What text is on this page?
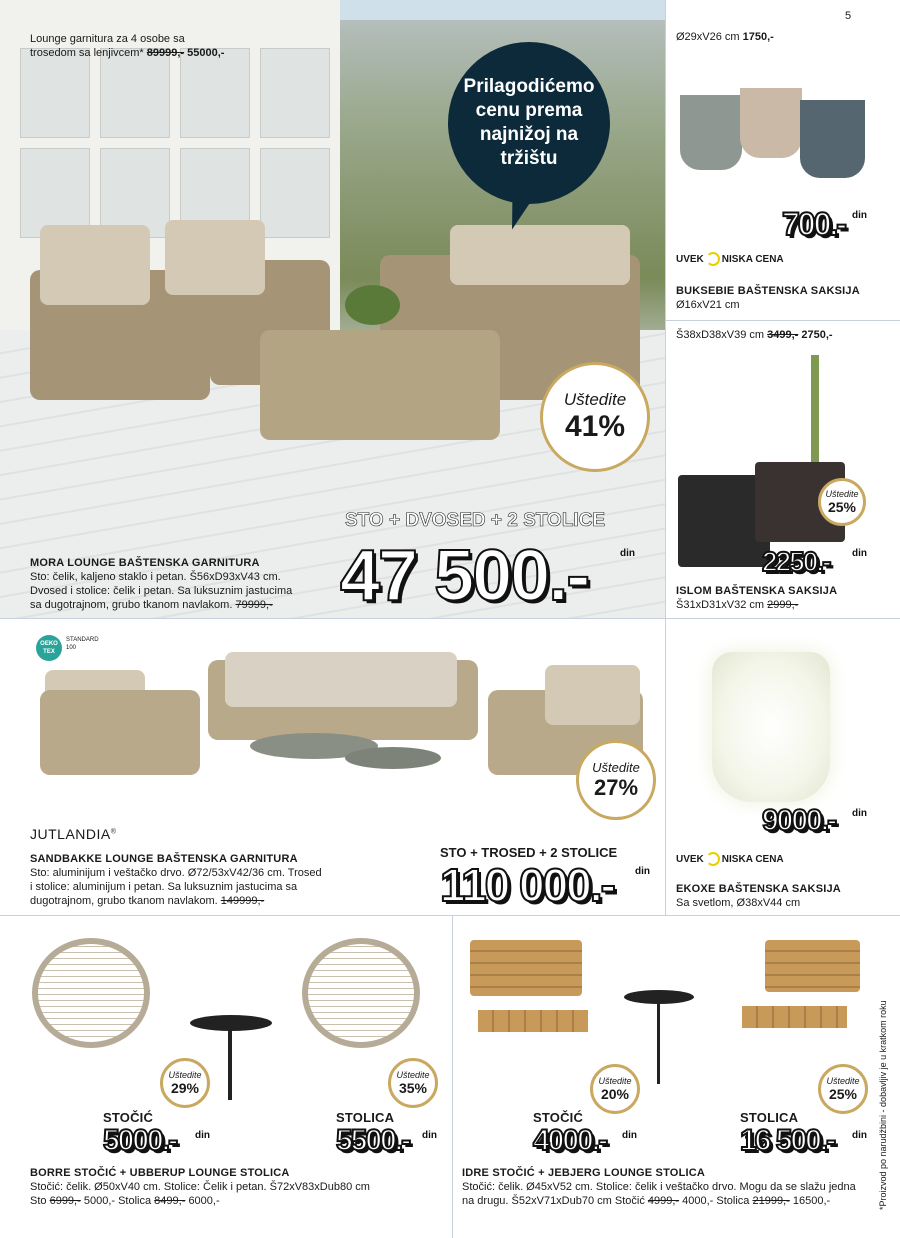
Lounge garnitura za 4 osobe sa
trosedom sa lenjivcem* 89999,- 55000,-
Prilagodićemo
cenu prema
najnižoj na
tržištu
Uštedite
41%
STO + DVOSED + 2 STOLICE
47 500.-	din
MORA LOUNGE BAŠTENSKA GARNITURA
Sto: čelik, kaljeno staklo i petan. Š56xD93xV43 cm.
Dvosed i stolice: čelik i petan. Sa luksuznim jastucima
sa dugotrajnom, grubo tkanom navlakom. 79999,-
5
Ø29xV26 cm 1750,-
700.- din
UVEK NISKA CENA
BUKSEBIE BAŠTENSKA SAKSIJA
Ø16xV21 cm
Š38xD38xV39 cm 3499,- 2750,-
Uštedite
25%
2250.- din
ISLOM BAŠTENSKA SAKSIJA
Š31xD31xV32 cm 2999,-
OEKO
TEX
STANDARD
100
JUTLANDIA®
Uštedite
27%
STO + TROSED + 2 STOLICE
110 000.- din
SANDBAKKE LOUNGE BAŠTENSKA GARNITURA
Sto: aluminijum i veštačko drvo. Ø72/53xV42/36 cm. Trosed
i stolice: aluminijum i petan. Sa luksuznim jastucima sa
dugotrajnom, grubo tkanom navlakom. 149999,-
9000.- din
UVEK NISKA CENA
EKOXE BAŠTENSKA SAKSIJA
Sa svetlom, Ø38xV44 cm
Uštedite
29%
Uštedite
35%
STOČIĆ
5000.- din
STOLICA
5500.- din
BORRE STOČIĆ + UBBERUP LOUNGE STOLICA
Stočić: čelik. Ø50xV40 cm. Stolice: Čelik i petan. Š72xV83xDub80 cm
Sto 6999,- 5000,- Stolica 8499,- 6000,-
Uštedite
20%
Uštedite
25%
STOČIĆ
4000.- din
STOLICA
16 500.- din
IDRE STOČIĆ + JEBJERG LOUNGE STOLICA
Stočić: čelik. Ø45xV52 cm. Stolice: čelik i veštačko drvo. Mogu da se slažu jedna
na drugu. Š52xV71xDub70 cm Stočić 4999,- 4000,- Stolica 21999,- 16500,-	*Proizvod po narudžbini - dobavljiv je u kratkom roku
